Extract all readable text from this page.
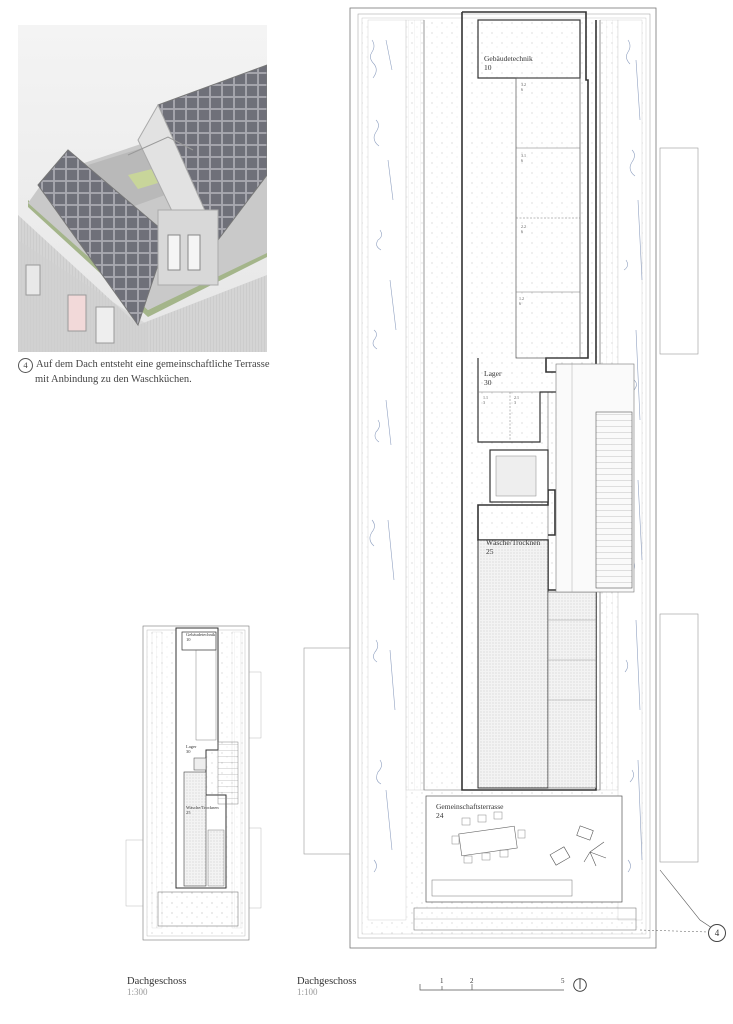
4 Auf dem Dach entsteht eine gemeinschaftliche Terrasse
mit Anbindung zu den Waschküchen.
Gebäudetechnik
10
Lager
30
Wäsche/Trocknen
25
Gemeinschaftsterrasse
24
3.2
6
3.1
6
2.2
6
1.2
6
1.1
3
2.1
3
4
Gebäudetechnik
10
Lager
30
Wäsche/Trocknen
25
Dachgeschoss
1:300
Dachgeschoss
1:100
1	2	5
